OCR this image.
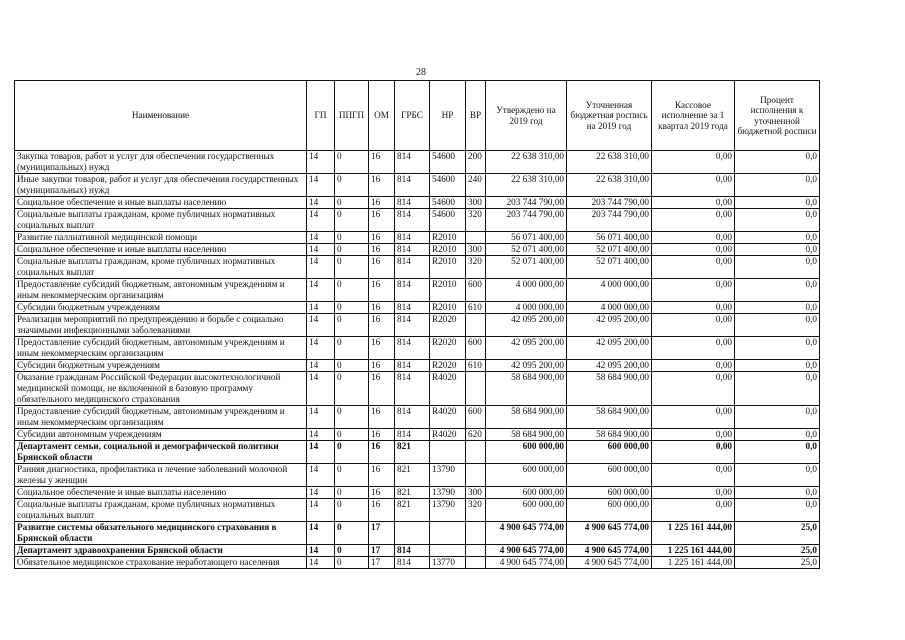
28
Наименование	ГП	ППГП	ОМ	ГРБС	НР	ВР	Утверждено на 2019 год	Уточненная бюджетная роспись на 2019 год	Кассовое исполнение за 1 квартал 2019 года	Процент исполнения к уточненной бюджетной росписи
Закупка товаров, работ и услуг для обеспечения государственных (муниципальных) нужд	14	0	16	814	54600	200	22 638 310,00	22 638 310,00	0,00	0,0
Иные закупки товаров, работ и услуг для обеспечения государственных (муниципальных) нужд	14	0	16	814	54600	240	22 638 310,00	22 638 310,00	0,00	0,0
Социальное обеспечение и иные выплаты населению	14	0	16	814	54600	300	203 744 790,00	203 744 790,00	0,00	0,0
Социальные выплаты гражданам, кроме публичных нормативных социальных выплат	14	0	16	814	54600	320	203 744 790,00	203 744 790,00	0,00	0,0
Развитие паллиативной медицинской помощи	14	0	16	814	R2010		56 071 400,00	56 071 400,00	0,00	0,0
Социальное обеспечение и иные выплаты населению	14	0	16	814	R2010	300	52 071 400,00	52 071 400,00	0,00	0,0
Социальные выплаты гражданам, кроме публичных нормативных социальных выплат	14	0	16	814	R2010	320	52 071 400,00	52 071 400,00	0,00	0,0
Предоставление субсидий бюджетным, автономным учреждениям и иным некоммерческим организациям	14	0	16	814	R2010	600	4 000 000,00	4 000 000,00	0,00	0,0
Субсидии бюджетным учреждениям	14	0	16	814	R2010	610	4 000 000,00	4 000 000,00	0,00	0,0
Реализация мероприятий по предупреждению и борьбе с социально значимыми инфекционными заболеваниями	14	0	16	814	R2020		42 095 200,00	42 095 200,00	0,00	0,0
Предоставление субсидий бюджетным, автономным учреждениям и иным некоммерческим организациям	14	0	16	814	R2020	600	42 095 200,00	42 095 200,00	0,00	0,0
Субсидии бюджетным учреждениям	14	0	16	814	R2020	610	42 095 200,00	42 095 200,00	0,00	0,0
Оказание гражданам Российской Федерации высокотехнологичной медицинской помощи, не включенной в базовую программу обязательного медицинского страхования	14	0	16	814	R4020		58 684 900,00	58 684 900,00	0,00	0,0
Предоставление субсидий бюджетным, автономным учреждениям и иным некоммерческим организациям	14	0	16	814	R4020	600	58 684 900,00	58 684 900,00	0,00	0,0
Субсидии автономным учреждениям	14	0	16	814	R4020	620	58 684 900,00	58 684 900,00	0,00	0,0
Департамент семьи, социальной и демографической политики Брянской области	14	0	16	821			600 000,00	600 000,00	0,00	0,0
Ранняя диагностика, профилактика и лечение заболеваний молочной железы у женщин	14	0	16	821	13790		600 000,00	600 000,00	0,00	0,0
Социальное обеспечение и иные выплаты населению	14	0	16	821	13790	300	600 000,00	600 000,00	0,00	0,0
Социальные выплаты гражданам, кроме публичных нормативных социальных выплат	14	0	16	821	13790	320	600 000,00	600 000,00	0,00	0,0
Развитие системы обязательного медицинского страхования в Брянской области	14	0	17				4 900 645 774,00	4 900 645 774,00	1 225 161 444,00	25,0
Департамент здравоохранения Брянской области	14	0	17	814			4 900 645 774,00	4 900 645 774,00	1 225 161 444,00	25,0
Обязательное медицинское страхование неработающего населения	14	0	17	814	13770		4 900 645 774,00	4 900 645 774,00	1 225 161 444,00	25,0
